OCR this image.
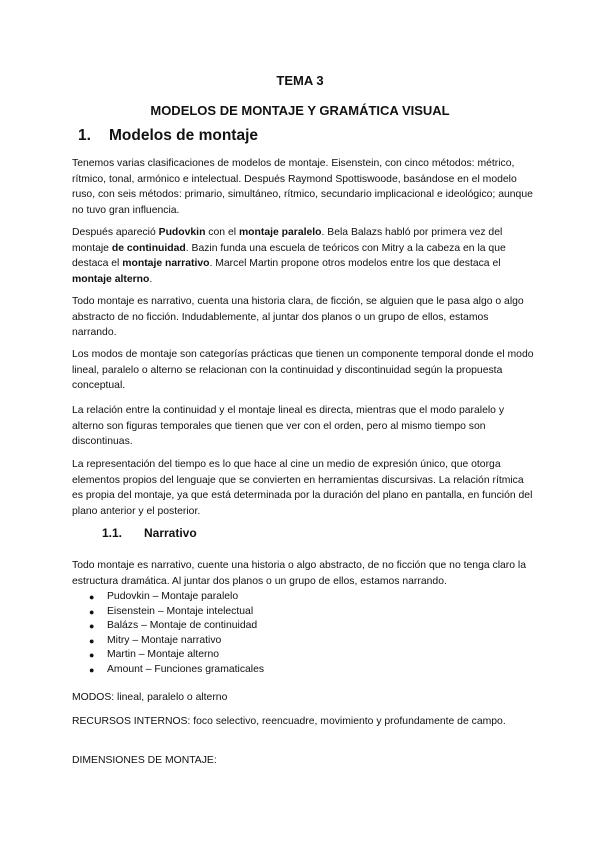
TEMA 3
MODELOS DE MONTAJE Y GRAMÁTICA VISUAL
1. Modelos de montaje

Tenemos varias clasificaciones de modelos de montaje. Eisenstein, con cinco métodos: métrico, rítmico, tonal, armónico e intelectual. Después Raymond Spottiswoode, basándose en el modelo ruso, con seis métodos: primario, simultáneo, rítmico, secundario implicacional e ideológico; aunque no tuvo gran influencia.

Después apareció Pudovkin con el montaje paralelo. Bela Balazs habló por primera vez del montaje de continuidad. Bazin funda una escuela de teóricos con Mitry a la cabeza en la que destaca el montaje narrativo. Marcel Martin propone otros modelos entre los que destaca el montaje alterno.

Todo montaje es narrativo, cuenta una historia clara, de ficción, se alguien que le pasa algo o algo abstracto de no ficción. Indudablemente, al juntar dos planos o un grupo de ellos, estamos narrando.

Los modos de montaje son categorías prácticas que tienen un componente temporal donde el modo lineal, paralelo o alterno se relacionan con la continuidad y discontinuidad según la propuesta conceptual.

La relación entre la continuidad y el montaje lineal es directa, mientras que el modo paralelo y alterno son figuras temporales que tienen que ver con el orden, pero al mismo tiempo son discontinuas.

La representación del tiempo es lo que hace al cine un medio de expresión único, que otorga elementos propios del lenguaje que se convierten en herramientas discursivas. La relación rítmica es propia del montaje, ya que está determinada por la duración del plano en pantalla, en función del plano anterior y el posterior.

1.1. Narrativo

Todo montaje es narrativo, cuente una historia o algo abstracto, de no ficción que no tenga claro la estructura dramática. Al juntar dos planos o un grupo de ellos, estamos narrando.

● Pudovkin – Montaje paralelo
● Eisenstein – Montaje intelectual
● Balázs – Montaje de continuidad
● Mitry – Montaje narrativo
● Martin – Montaje alterno
● Amount – Funciones gramaticales

MODOS: lineal, paralelo o alterno

RECURSOS INTERNOS: foco selectivo, reencuadre, movimiento y profundamente de campo.

DIMENSIONES DE MONTAJE:
